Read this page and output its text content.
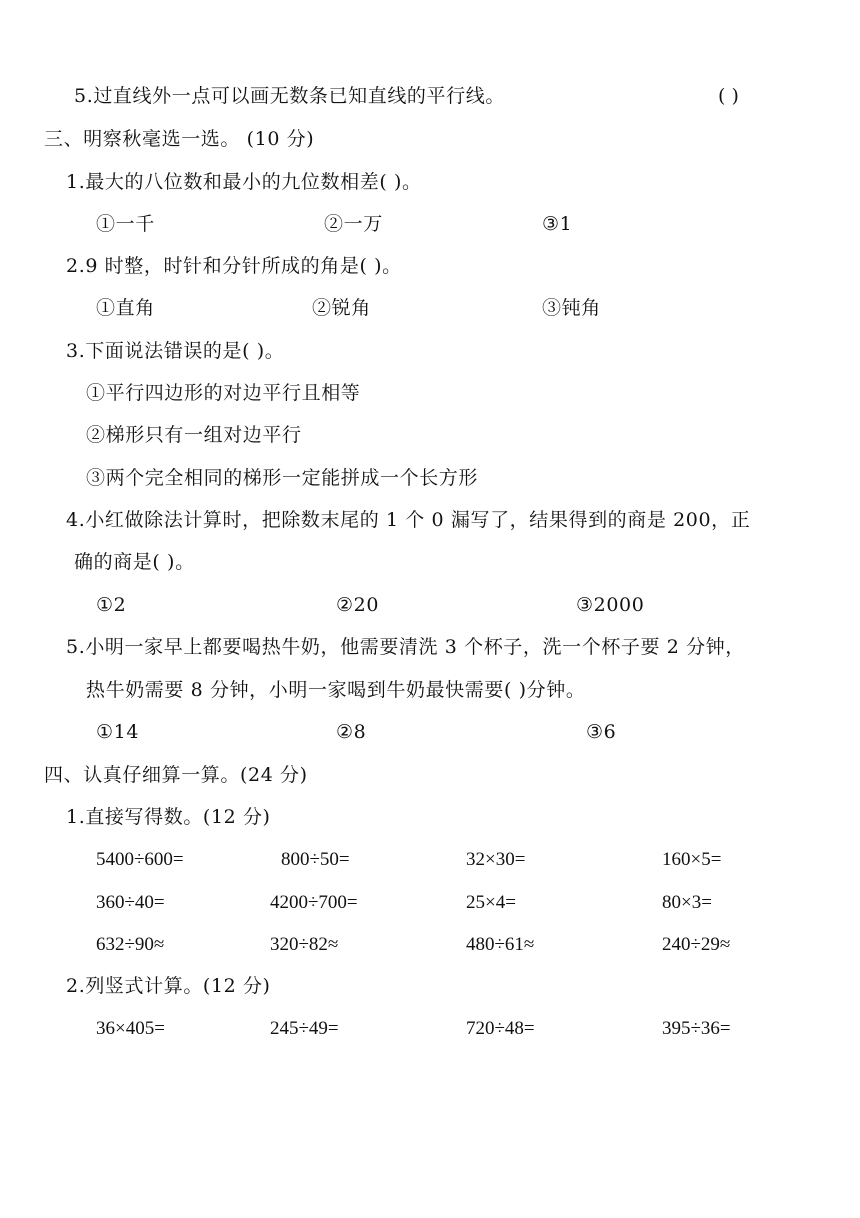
5.过直线外一点可以画无数条已知直线的平行线。	( )
三、明察秋毫选一选。 (10 分)
1.最大的八位数和最小的九位数相差( )。
①一千	②一万	③1
2.9 时整，时针和分针所成的角是( )。
①直角	②锐角	③钝角
3.下面说法错误的是( )。
①平行四边形的对边平行且相等
②梯形只有一组对边平行
③两个完全相同的梯形一定能拼成一个长方形
4.小红做除法计算时，把除数末尾的 1 个 0 漏写了，结果得到的商是 200，正
确的商是( )。
①2	②20	③2000
5.小明一家早上都要喝热牛奶，他需要清洗 3 个杯子，洗一个杯子要 2 分钟，
热牛奶需要 8 分钟，小明一家喝到牛奶最快需要( )分钟。
①14	②8	③6
四、认真仔细算一算。(24 分)
1.直接写得数。(12 分)
5400÷600=	800÷50=	32×30=	160×5=
360÷40=	4200÷700=	25×4=	80×3=
632÷90≈	320÷82≈	480÷61≈	240÷29≈
2.列竖式计算。(12 分)
36×405=	245÷49=	720÷48=	395÷36=
